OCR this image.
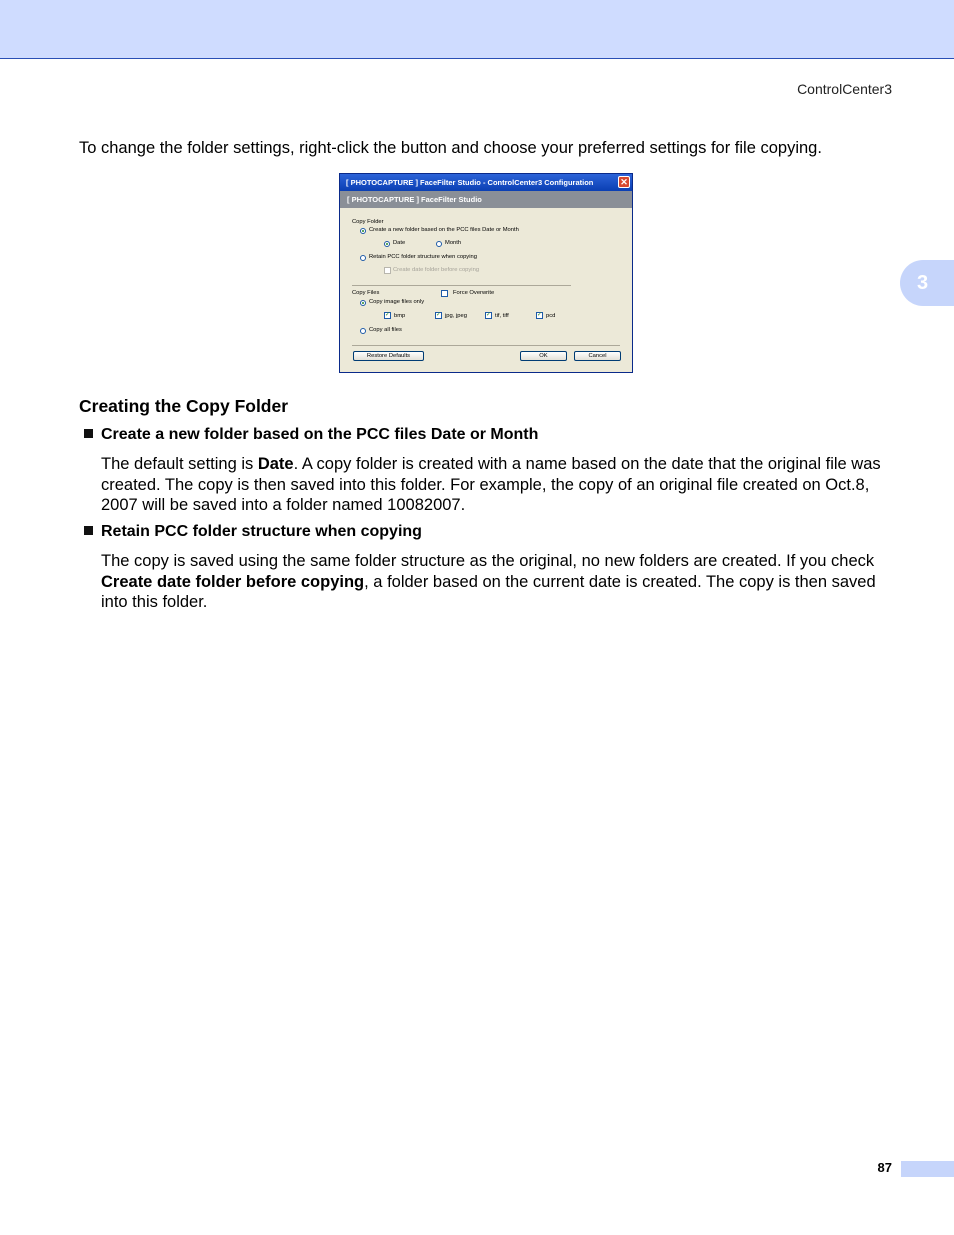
ControlCenter3
3

To change the folder settings, right-click the button and choose your preferred settings for file copying.

[ PHOTOCAPTURE ] FaceFilter Studio - ControlCenter3 Configuration	✕
[ PHOTOCAPTURE ] FaceFilter Studio
Copy Folder
Create a new folder based on the PCC files Date or Month
Date	Month
Retain PCC folder structure when copying
Create date folder before copying
Copy Files	Force Overwrite
Copy image files only
✓ bmp	✓ jpg, jpeg	✓ tif, tiff	✓ pcd
Copy all files
Restore Defaults	OK	Cancel
Creating the Copy Folder
Create a new folder based on the PCC files Date or Month

The default setting is Date. A copy folder is created with a name based on the date that the original file was created. The copy is then saved into this folder. For example, the copy of an original file created on Oct.8, 2007 will be saved into a folder named 10082007.

Retain PCC folder structure when copying

The copy is saved using the same folder structure as the original, no new folders are created. If you check Create date folder before copying, a folder based on the current date is created. The copy is then saved into this folder.

87
